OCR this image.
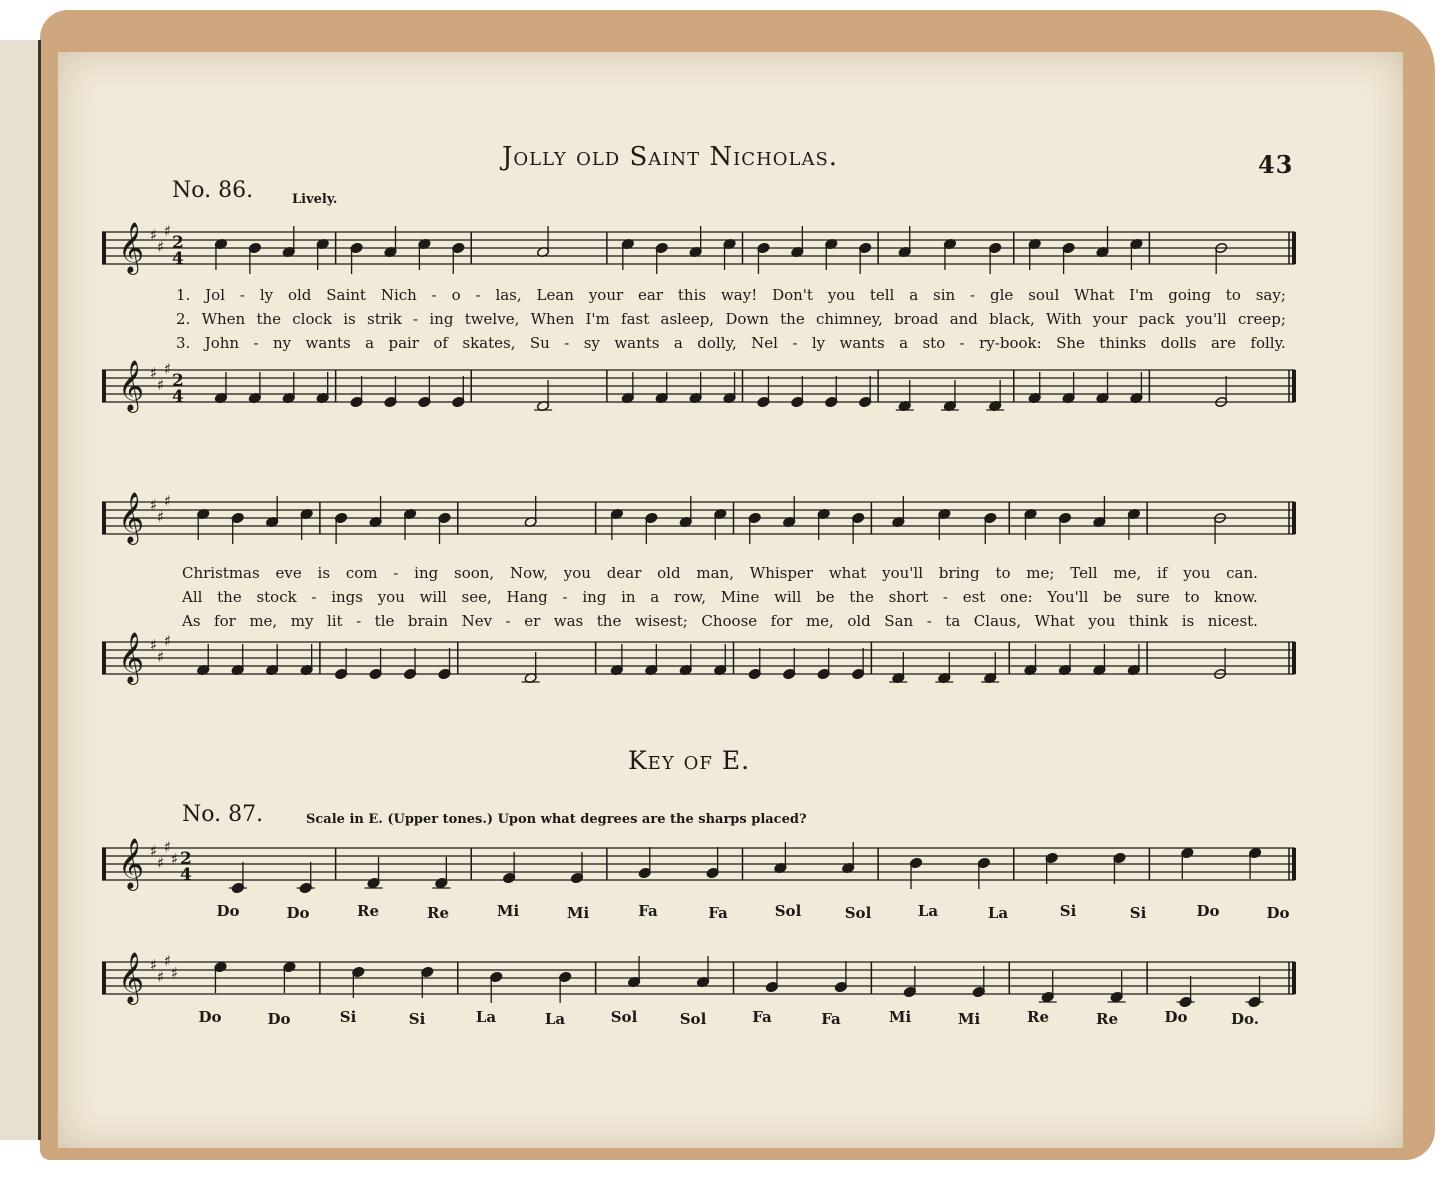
Jolly old Saint Nicholas.	43
No. 86.	Lively.
𝄞 ♯
♯
♯
2
4
1. Jol - ly old Saint Nich - o - las, Lean your ear this way! Don't you tell a sin - gle soul What I'm going to say;
2. When the clock is strik - ing twelve, When I'm fast asleep, Down the chimney, broad and black, With your pack you'll creep;
3. John - ny wants a pair of skates, Su - sy wants a dolly, Nel - ly wants a sto - ry-book: She thinks dolls are folly.
𝄞 ♯
♯
♯
2
4
𝄞 ♯
♯
♯
Christmas eve is com - ing soon, Now, you dear old man, Whisper what you'll bring to me; Tell me, if you can.
All the stock - ings you will see, Hang - ing in a row, Mine will be the short - est one: You'll be sure to know.
As for me, my lit - tle brain Nev - er was the wisest; Choose for me, old San - ta Claus, What you think is nicest.
𝄞 ♯
♯
♯
Key of E.
No. 87.	Scale in E. (Upper tones.) Upon what degrees are the sharps placed?
𝄞 ♯
♯
♯
♯ 2
4
Do	Do	Re	Re	Mi	Mi	Fa	Fa	Sol	Sol	La	La	Si	Si	Do	Do
𝄞 ♯
♯
♯
♯
Do	Do	Si	Si	La	La	Sol	Sol	Fa	Fa	Mi	Mi	Re	Re	Do	Do.
